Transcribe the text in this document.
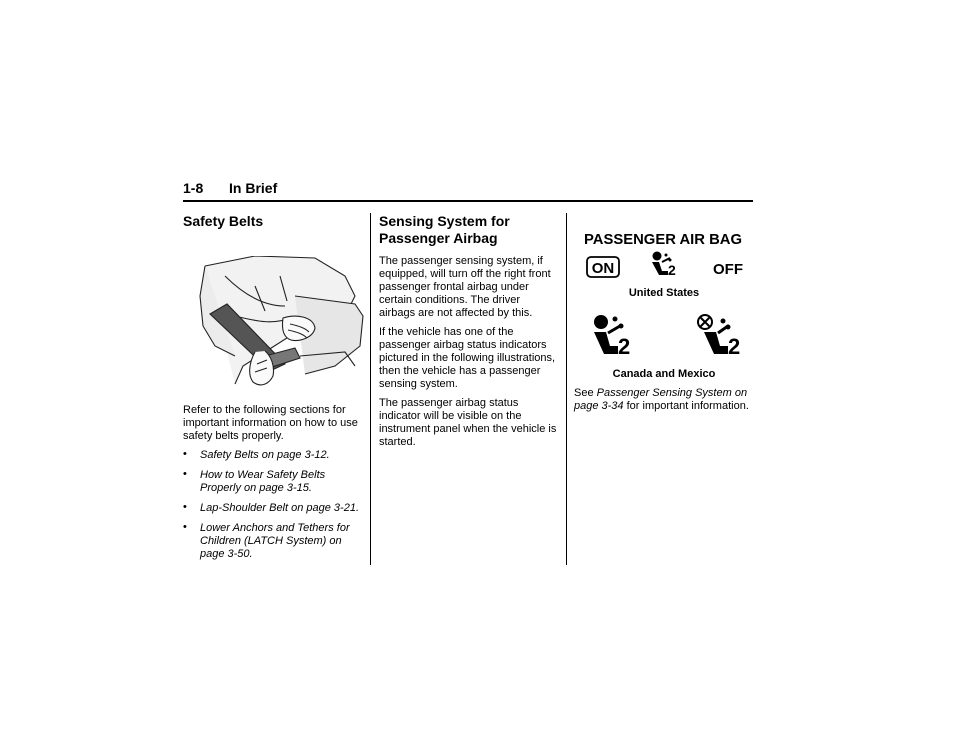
1-8 In Brief
Safety Belts

Refer to the following sections for important information on how to use safety belts properly.

• Safety Belts on page 3-12.
• How to Wear Safety Belts Properly on page 3-15.
• Lap-Shoulder Belt on page 3-21.
• Lower Anchors and Tethers for Children (LATCH System) on page 3-50.
Sensing System for Passenger Airbag

The passenger sensing system, if equipped, will turn off the right front passenger frontal airbag under certain conditions. The driver airbags are not affected by this.

If the vehicle has one of the passenger airbag status indicators pictured in the following illustrations, then the vehicle has a passenger sensing system.

The passenger airbag status indicator will be visible on the instrument panel when the vehicle is started.

PASSENGER AIR BAG
ON	2 OFF
United States
2	2
Canada and Mexico

See Passenger Sensing System on page 3-34 for important information.
